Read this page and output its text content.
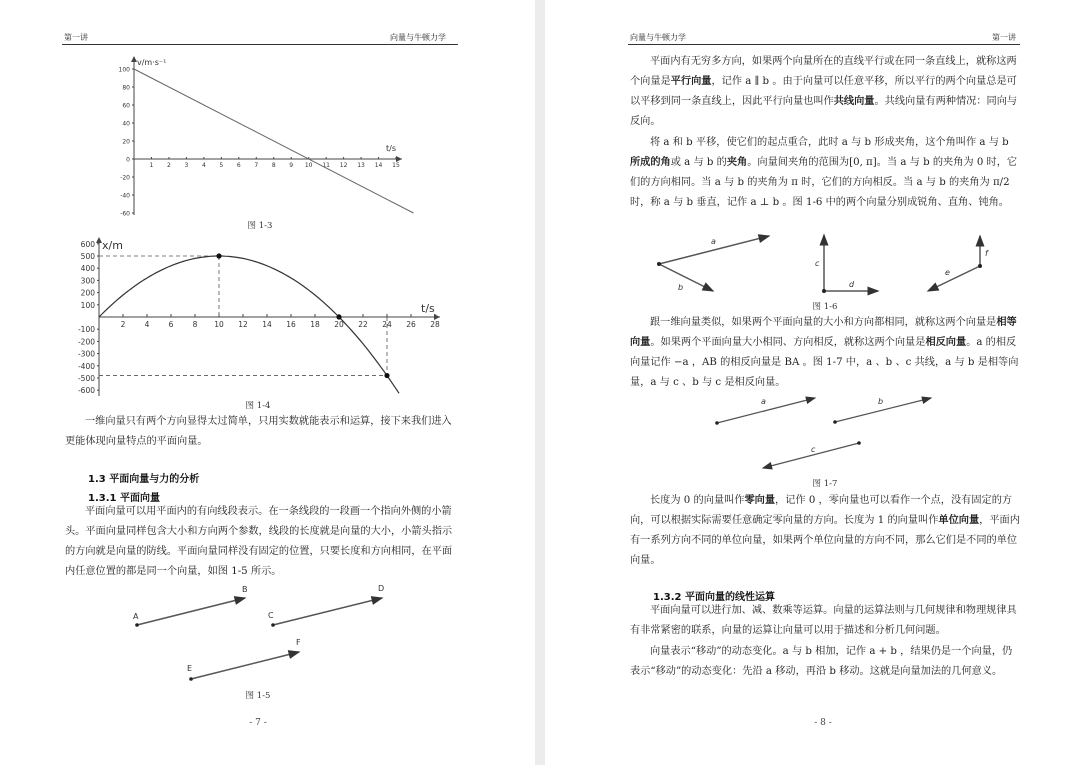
第一讲	向量与牛顿力学
100
80
60
40
20
0
-20
-40
-60
1 2 3 4 5 6 7 8 9 10 11 12 13 14 15
v/m·s⁻¹
t/s
图 1-3
600
500
400
300
200
100
-100
-200
-300
-400
-500
-600
2	4	6	8 10 12 14 16 18 20 22 24 26 28
x/m
t/s
图 1-4
一维向量只有两个方向显得太过简单，只用实数就能表示和运算，接下来我们进入更能体现向量特点的平面向量。
1.3 平面向量与力的分析
1.3.1 平面向量
平面向量可以用平面内的有向线段表示。在一条线段的一段画一个指向外侧的小箭头。平面向量同样包含大小和方向两个参数，线段的长度就是向量的大小，小箭头指示的方向就是向量的防线。平面向量同样没有固定的位置，只要长度和方向相同，在平面内任意位置的都是同一个向量，如图 1-5 所示。
A
B
C
D
E
F
图 1-5
- 7 -
向量与牛顿力学	第一讲
平面内有无穷多方向，如果两个向量所在的直线平行或在同一条直线上，就称这两个向量是平行向量，记作 a ∥ b 。由于向量可以任意平移，所以平行的两个向量总是可以平移到同一条直线上，因此平行向量也叫作共线向量。共线向量有两种情况：同向与反向。
将 a 和 b 平移，使它们的起点重合，此时 a 与 b 形成夹角，这个角叫作 a 与 b 所成的角或 a 与 b 的夹角。向量间夹角的范围为[0, π]。当 a 与 b 的夹角为 0 时，它们的方向相同。当 a 与 b 的夹角为 π 时，它们的方向相反。当 a 与 b 的夹角为 π/2 时，称 a 与 b 垂直，记作 a ⊥ b 。图 1-6 中的两个向量分别成锐角、直角、钝角。
a
b
c
d
e
f
图 1-6
跟一维向量类似，如果两个平面向量的大小和方向都相同，就称这两个向量是相等向量。如果两个平面向量大小相同、方向相反，就称这两个向量是相反向量。a 的相反向量记作 −a ，AB 的相反向量是 BA 。图 1-7 中，a 、b 、c 共线，a 与 b 是相等向量，a 与 c 、b 与 c 是相反向量。
a	b
c
图 1-7
长度为 0 的向量叫作零向量，记作 0 ，零向量也可以看作一个点，没有固定的方向，可以根据实际需要任意确定零向量的方向。长度为 1 的向量叫作单位向量，平面内有一系列方向不同的单位向量，如果两个单位向量的方向不同，那么它们是不同的单位向量。
1.3.2 平面向量的线性运算
平面向量可以进行加、减、数乘等运算。向量的运算法则与几何规律和物理规律具有非常紧密的联系，向量的运算让向量可以用于描述和分析几何问题。
向量表示“移动”的动态变化。a 与 b 相加，记作 a + b ，结果仍是一个向量，仍表示“移动”的动态变化：先沿 a 移动，再沿 b 移动。这就是向量加法的几何意义。
- 8 -
